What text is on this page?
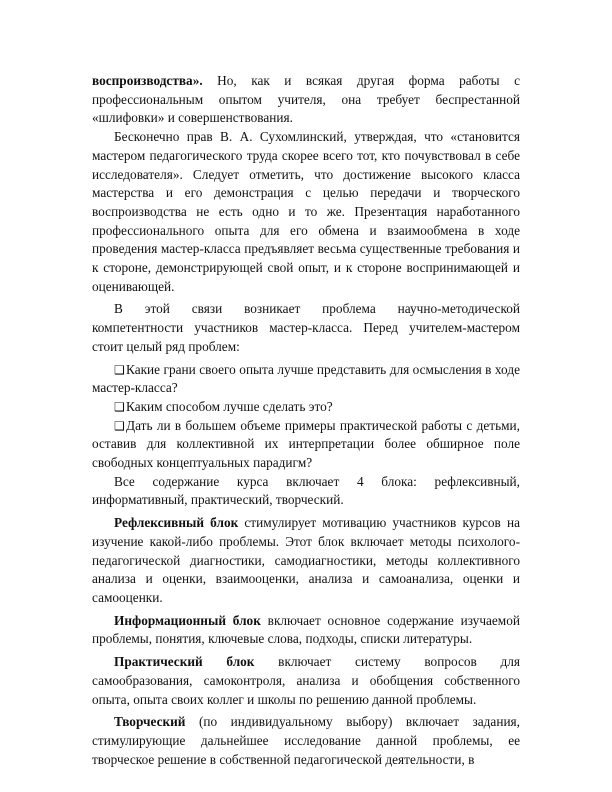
воспроизводства». Но, как и всякая другая форма работы с профессиональным опытом учителя, она требует беспрестанной «шлифовки» и совершенствования.

Бесконечно прав В. А. Сухомлинский, утверждая, что «становится мастером педагогического труда скорее всего тот, кто почувствовал в себе исследователя». Следует отметить, что достижение высокого класса мастерства и его демонстрация с целью передачи и творческого воспроизводства не есть одно и то же. Презентация наработанного профессионального опыта для его обмена и взаимообмена в ходе проведения мастер-класса предъявляет весьма существенные требования и к стороне, демонстрирующей свой опыт, и к стороне воспринимающей и оценивающей.

В этой связи возникает проблема научно-методической компетентности участников мастер-класса. Перед учителем-мастером стоит целый ряд проблем:

❑Какие грани своего опыта лучше представить для осмысления в ходе мастер-класса?

❑Каким способом лучше сделать это?

❑Дать ли в большем объеме примеры практической работы с детьми, оставив для коллективной их интерпретации более обширное поле свободных концептуальных парадигм?

Все содержание курса включает 4 блока: рефлексивный, информативный, практический, творческий.

Рефлексивный блок стимулирует мотивацию участников курсов на изучение какой-либо проблемы. Этот блок включает методы психолого-педагогической диагностики, самодиагностики, методы коллективного анализа и оценки, взаимооценки, анализа и самоанализа, оценки и самооценки.

Информационный блок включает основное содержание изучаемой проблемы, понятия, ключевые слова, подходы, списки литературы.

Практический блок включает систему вопросов для самообразования, самоконтроля, анализа и обобщения собственного опыта, опыта своих коллег и школы по решению данной проблемы.

Творческий (по индивидуальному выбору) включает задания, стимулирующие дальнейшее исследование данной проблемы, ее творческое решение в собственной педагогической деятельности, в
